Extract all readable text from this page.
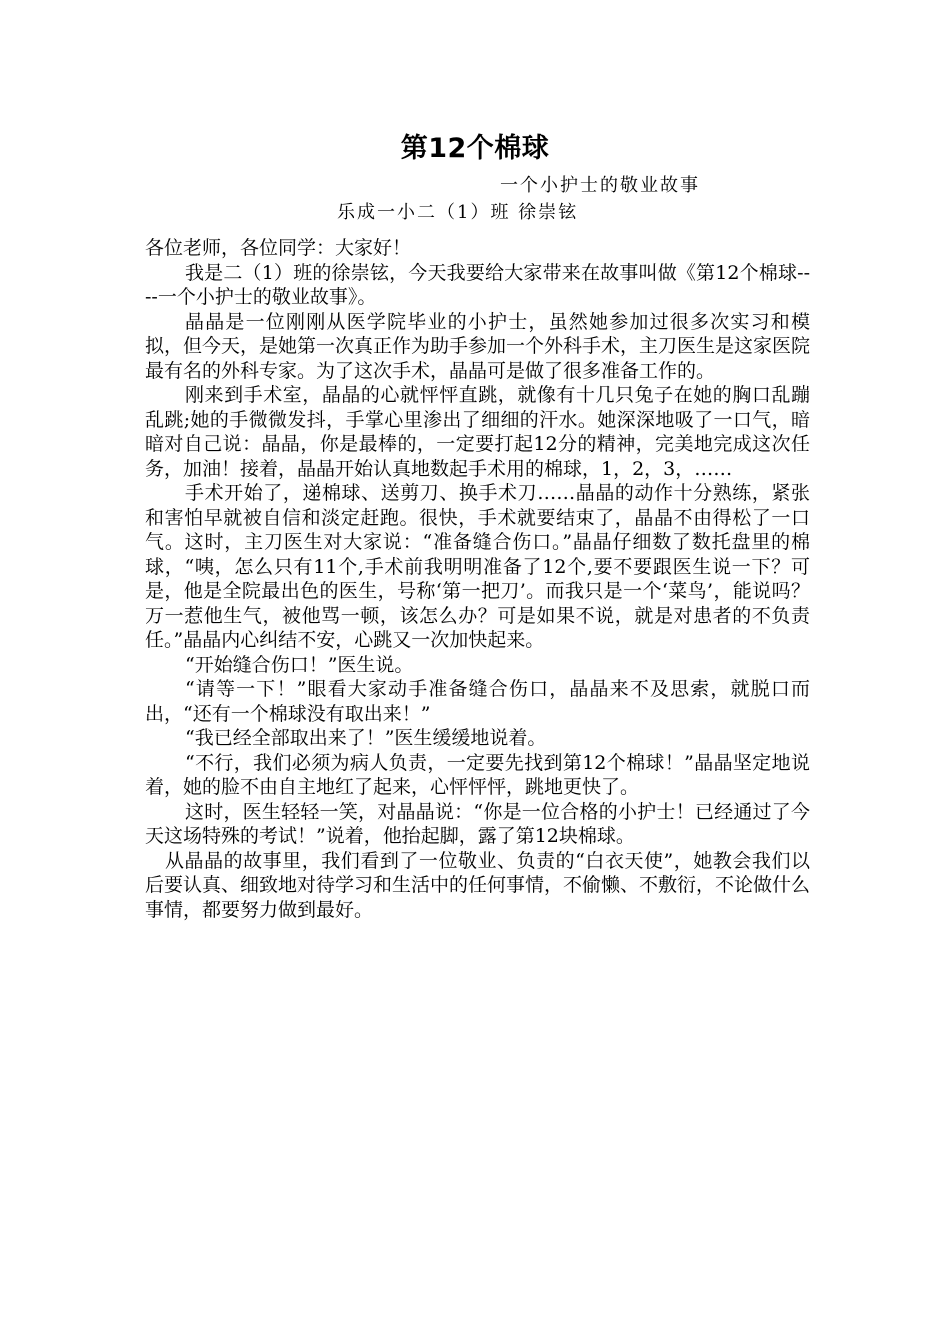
第12个棉球
一个小护士的敬业故事
乐成一小二（1）班 徐崇铉

各位老师，各位同学：大家好！

我是二（1）班的徐崇铉，今天我要给大家带来在故事叫做《第12个棉球----一个小护士的敬业故事》。

晶晶是一位刚刚从医学院毕业的小护士，虽然她参加过很多次实习和模拟，但今天，是她第一次真正作为助手参加一个外科手术，主刀医生是这家医院最有名的外科专家。为了这次手术，晶晶可是做了很多准备工作的。

刚来到手术室，晶晶的心就怦怦直跳，就像有十几只兔子在她的胸口乱蹦乱跳;她的手微微发抖，手掌心里渗出了细细的汗水。她深深地吸了一口气，暗暗对自己说：晶晶，你是最棒的，一定要打起12分的精神，完美地完成这次任务，加油！接着，晶晶开始认真地数起手术用的棉球，1，2，3，……

手术开始了，递棉球、送剪刀、换手术刀……晶晶的动作十分熟练，紧张和害怕早就被自信和淡定赶跑。很快，手术就要结束了，晶晶不由得松了一口气。这时，主刀医生对大家说：“准备缝合伤口。”晶晶仔细数了数托盘里的棉球，“咦，怎么只有11个,手术前我明明准备了12个,要不要跟医生说一下？可是，他是全院最出色的医生，号称‘第一把刀’。而我只是一个‘菜鸟’，能说吗？万一惹他生气，被他骂一顿，该怎么办？可是如果不说，就是对患者的不负责任。”晶晶内心纠结不安，心跳又一次加快起来。

“开始缝合伤口！”医生说。

“请等一下！”眼看大家动手准备缝合伤口，晶晶来不及思索，就脱口而出，“还有一个棉球没有取出来！”

“我已经全部取出来了！”医生缓缓地说着。

“不行，我们必须为病人负责，一定要先找到第12个棉球！”晶晶坚定地说着，她的脸不由自主地红了起来，心怦怦怦，跳地更快了。

这时，医生轻轻一笑，对晶晶说：“你是一位合格的小护士！已经通过了今天这场特殊的考试！”说着，他抬起脚，露了第12块棉球。

从晶晶的故事里，我们看到了一位敬业、负责的“白衣天使”，她教会我们以后要认真、细致地对待学习和生活中的任何事情，不偷懒、不敷衍，不论做什么事情，都要努力做到最好。
